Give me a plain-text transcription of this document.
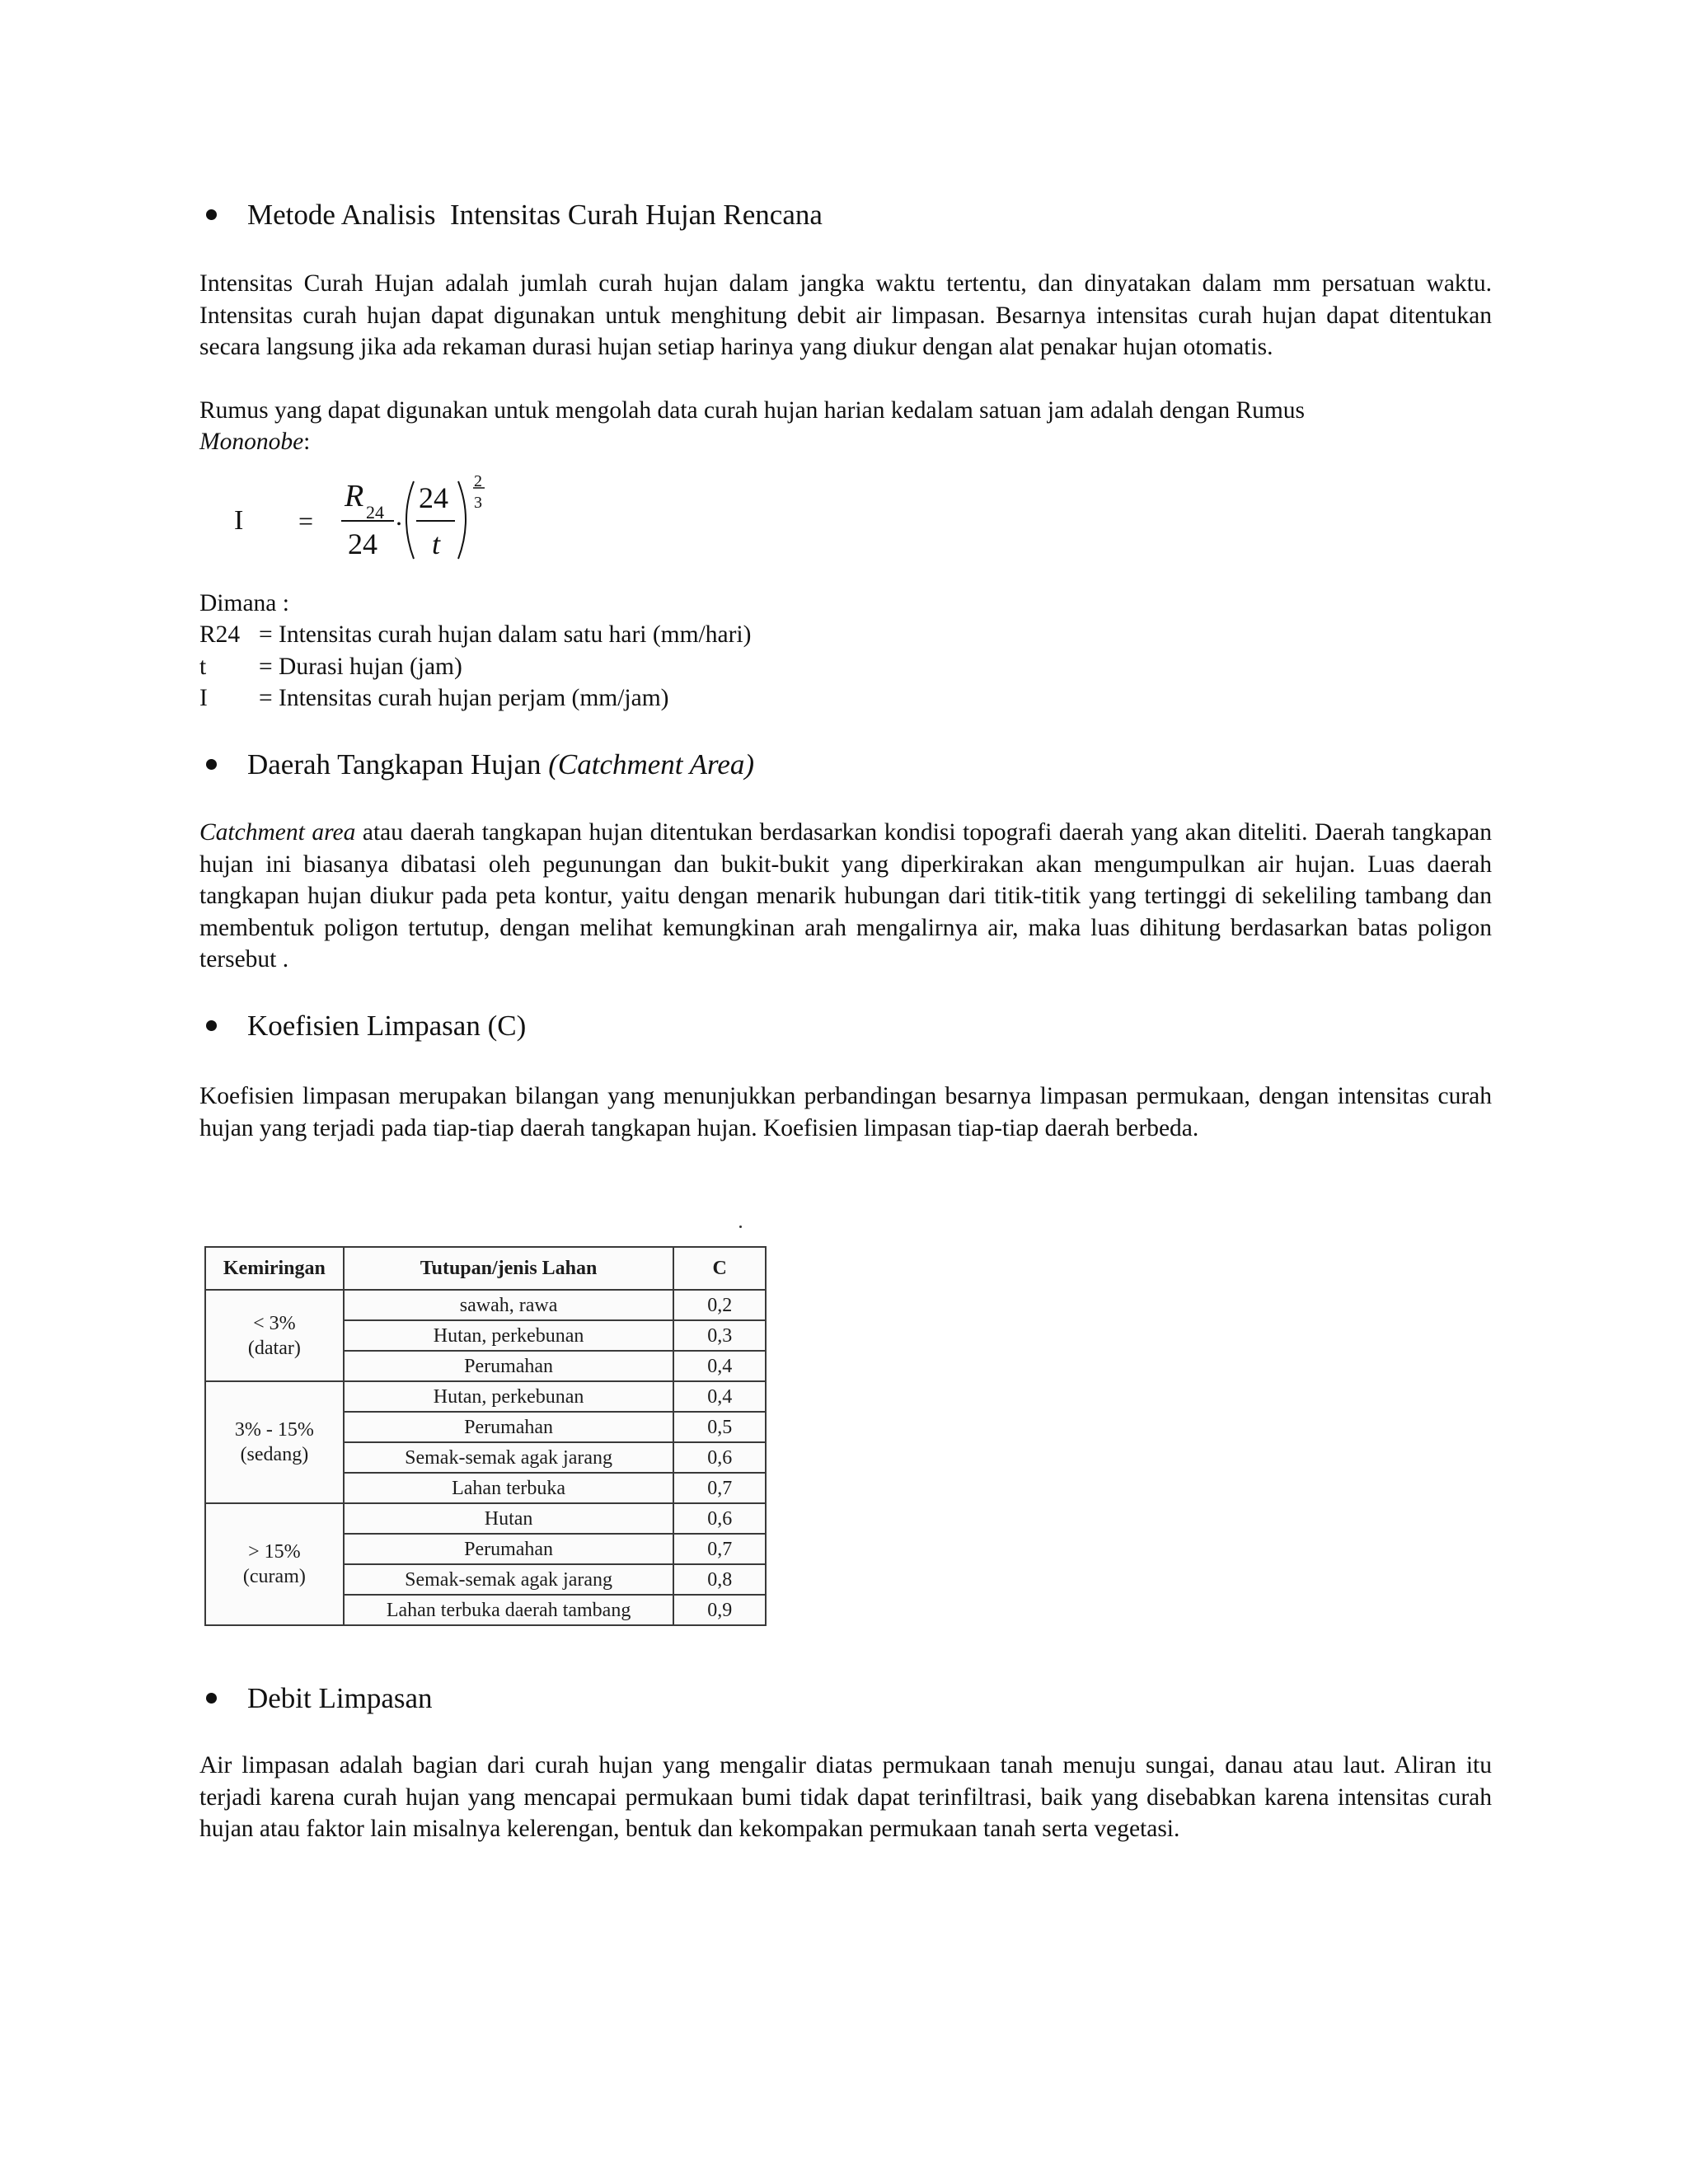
Metode Analisis  Intensitas Curah Hujan Rencana

Intensitas Curah Hujan adalah jumlah curah hujan dalam jangka waktu tertentu, dan dinyatakan dalam mm persatuan waktu. Intensitas curah hujan dapat digunakan untuk menghitung debit air limpasan. Besarnya intensitas curah hujan dapat ditentukan secara langsung jika ada rekaman durasi hujan setiap harinya yang diukur dengan alat penakar hujan otomatis.

Rumus yang dapat digunakan untuk mengolah data curah hujan harian kedalam satuan jam adalah dengan Rumus
Mononobe:
I =
R 24
24
.
24
t
2
3
Dimana :
R24 = Intensitas curah hujan dalam satu hari (mm/hari)
t = Durasi hujan (jam)
I = Intensitas curah hujan perjam (mm/jam)
Daerah Tangkapan Hujan
(Catchment Area)

Catchment area atau daerah tangkapan hujan ditentukan berdasarkan kondisi topografi daerah yang akan diteliti. Daerah tangkapan hujan ini biasanya dibatasi oleh pegunungan dan bukit-bukit yang diperkirakan akan mengumpulkan air hujan. Luas daerah tangkapan hujan diukur pada peta kontur, yaitu dengan menarik hubungan dari titik-titik yang tertinggi di sekeliling tambang dan membentuk poligon tertutup, dengan melihat kemungkinan arah mengalirnya air, maka luas dihitung berdasarkan batas poligon tersebut .

Koefisien Limpasan (C)

Koefisien limpasan merupakan bilangan yang menunjukkan perbandingan besarnya limpasan permukaan, dengan intensitas curah hujan yang terjadi pada tiap-tiap daerah tangkapan hujan. Koefisien limpasan tiap-tiap daerah berbeda.

Kemiringan	Tutupan/jenis Lahan	C

< 3%
(datar)	sawah, rawa	0,2
	Hutan, perkebunan	0,3
	Perumahan	0,4

3% - 15%
(sedang)	Hutan, perkebunan	0,4
	Perumahan	0,5
	Semak-semak agak jarang	0,6
	Lahan terbuka	0,7

> 15%
(curam)	Hutan	0,6
	Perumahan	0,7
	Semak-semak agak jarang	0,8
	Lahan terbuka daerah tambang	0,9
Debit Limpasan

Air limpasan adalah bagian dari curah hujan yang mengalir diatas permukaan tanah menuju sungai, danau atau laut. Aliran itu terjadi karena curah hujan yang mencapai permukaan bumi tidak dapat terinfiltrasi, baik yang disebabkan karena intensitas curah hujan atau faktor lain misalnya kelerengan, bentuk dan kekompakan permukaan tanah serta vegetasi.
